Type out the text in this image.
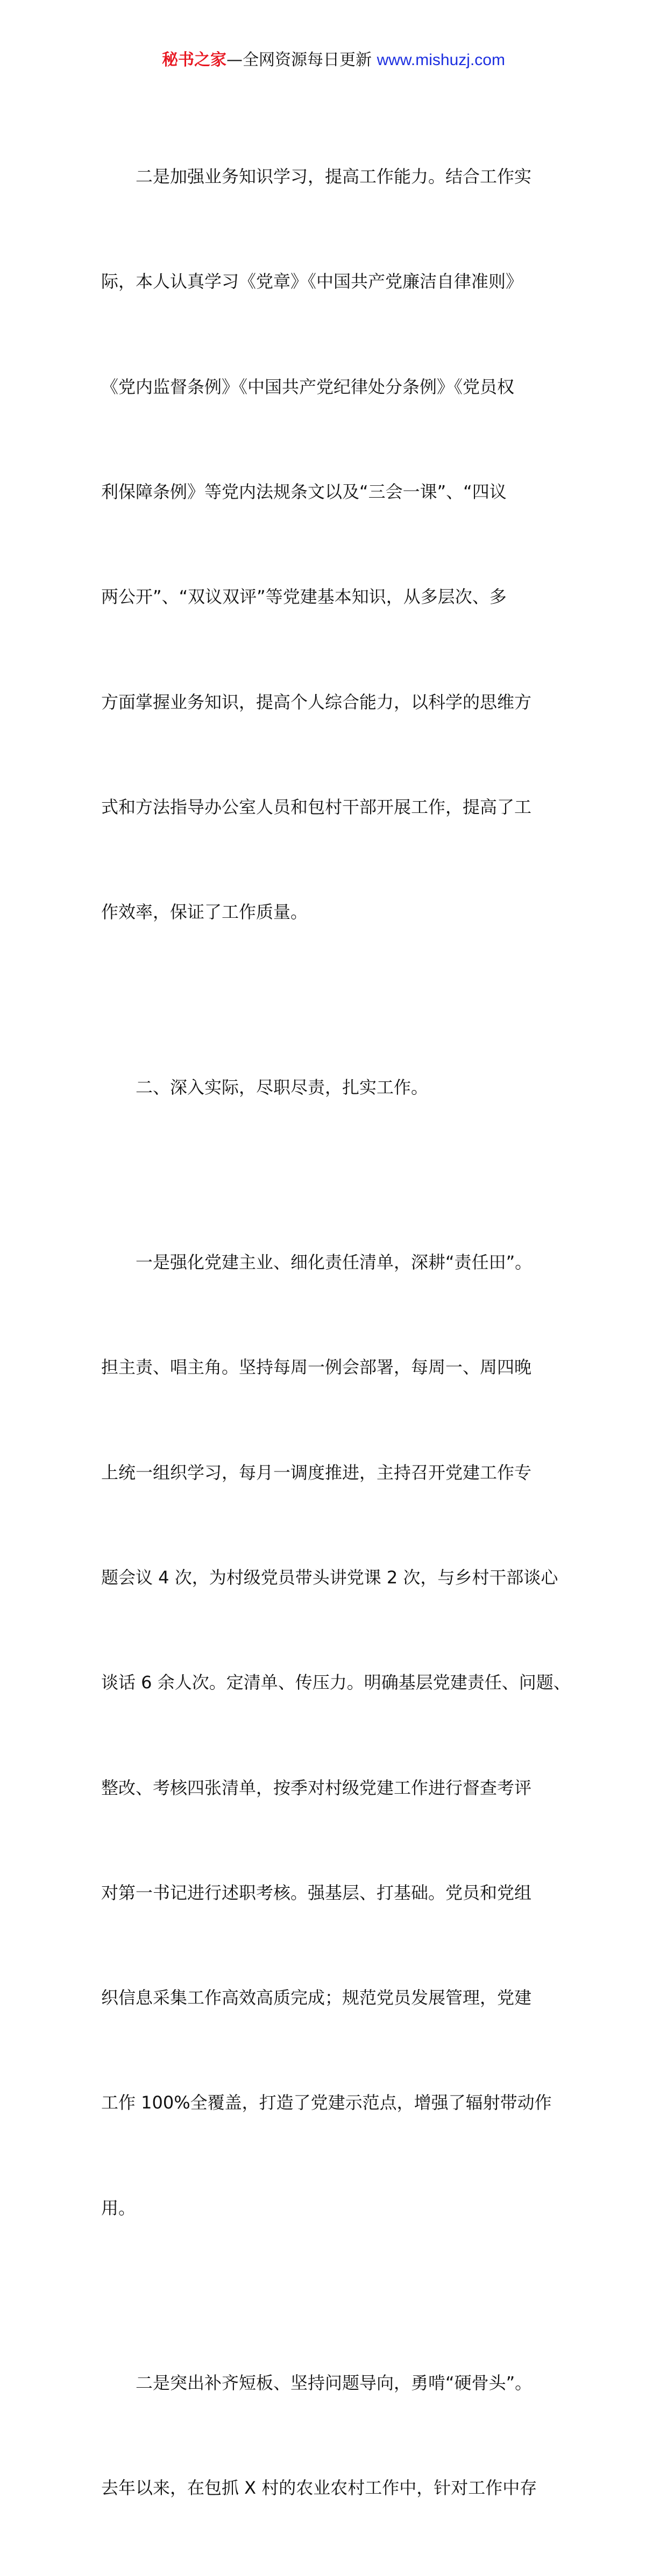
秘书之家—全网资源每日更新 www.mishuzj.com

二是加强业务知识学习，提高工作能力。结合工作实

际，本人认真学习《党章》《中国共产党廉洁自律准则》

《党内监督条例》《中国共产党纪律处分条例》《党员权

利保障条例》等党内法规条文以及“三会一课”、“四议

两公开”、“双议双评”等党建基本知识，从多层次、多

方面掌握业务知识，提高个人综合能力，以科学的思维方

式和方法指导办公室人员和包村干部开展工作，提高了工

作效率，保证了工作质量。

二、深入实际，尽职尽责，扎实工作。

一是强化党建主业、细化责任清单，深耕“责任田”。

担主责、唱主角。坚持每周一例会部署，每周一、周四晚

上统一组织学习，每月一调度推进，主持召开党建工作专

题会议 4 次，为村级党员带头讲党课 2 次，与乡村干部谈心

谈话 6 余人次。定清单、传压力。明确基层党建责任、问题、

整改、考核四张清单，按季对村级党建工作进行督查考评

对第一书记进行述职考核。强基层、打基础。党员和党组

织信息采集工作高效高质完成；规范党员发展管理，党建

工作 100%全覆盖，打造了党建示范点，增强了辐射带动作

用。

二是突出补齐短板、坚持问题导向，勇啃“硬骨头”。

去年以来，在包抓 X 村的农业农村工作中，针对工作中存
